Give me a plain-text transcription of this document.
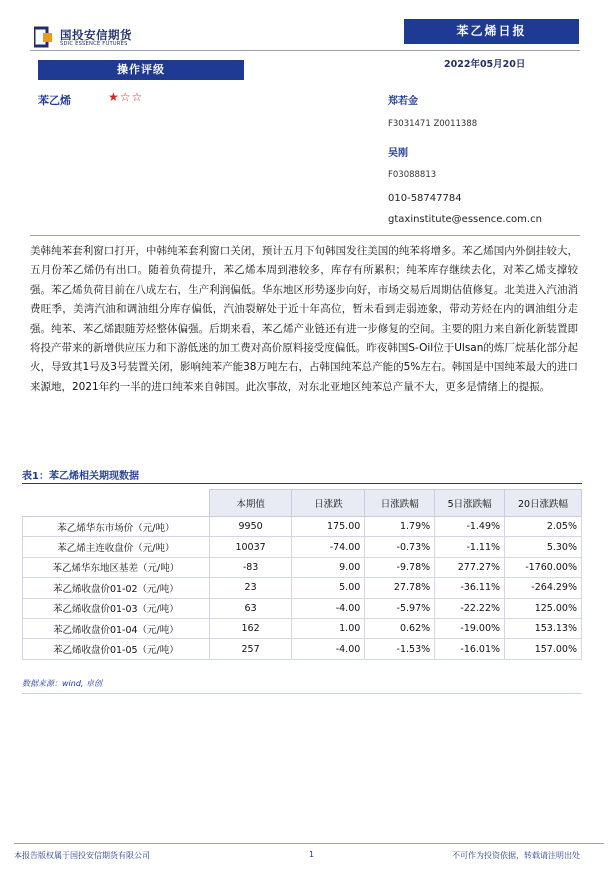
国投安信期货
SDIC ESSENCE FUTURES
苯乙烯日报
2022年05月20日
操作评级
苯乙烯	★☆☆	郑若金
F3031471 Z0011388
吴刚
F03088813
010-58747784
gtaxinstitute@essence.com.cn
美韩纯苯套利窗口打开，中韩纯苯套利窗口关闭，预计五月下旬韩国发往美国的纯苯将增多。苯乙烯国内外倒挂较大，五月份苯乙烯仍有出口。随着负荷提升，苯乙烯本周到港较多，库存有所累积；纯苯库存继续去化，对苯乙烯支撑较强。苯乙烯负荷目前在八成左右，生产利润偏低。华东地区形势逐步向好，市场交易后周期估值修复。北美进入汽油消费旺季，美湾汽油和调油组分库存偏低，汽油裂解处于近十年高位，暂未看到走弱迹象，带动芳烃在内的调油组分走强。纯苯、苯乙烯跟随芳烃整体偏强。后期来看，苯乙烯产业链还有进一步修复的空间。主要的阻力来自新化新装置即将投产带来的新增供应压力和下游低迷的加工费对高价原料接受度偏低。昨夜韩国S-Oil位于Ulsan的炼厂烷基化部分起火，导致其1号及3号装置关闭，影响纯苯产能38万吨左右，占韩国纯苯总产能的5%左右。韩国是中国纯苯最大的进口来源地，2021年约一半的进口纯苯来自韩国。此次事故，对东北亚地区纯苯总产量不大，更多是情绪上的提振。
表1：苯乙烯相关期现数据
	本期值	日涨跌	日涨跌幅	5日涨跌幅	20日涨跌幅
苯乙烯华东市场价（元/吨）	9950	175.00	1.79%	-1.49%	2.05%
苯乙烯主连收盘价（元/吨）	10037	-74.00	-0.73%	-1.11%	5.30%
苯乙烯华东地区基差（元/吨）	-83	9.00	-9.78%	277.27%	-1760.00%
苯乙烯收盘价01-02（元/吨）	23	5.00	27.78%	-36.11%	-264.29%
苯乙烯收盘价01-03（元/吨）	63	-4.00	-5.97%	-22.22%	125.00%
苯乙烯收盘价01-04（元/吨）	162	1.00	0.62%	-19.00%	153.13%
苯乙烯收盘价01-05（元/吨）	257	-4.00	-1.53%	-16.01%	157.00%
数据来源：wind, 卓创
本报告版权属于国投安信期货有限公司	1	不可作为投资依据，转载请注明出处
